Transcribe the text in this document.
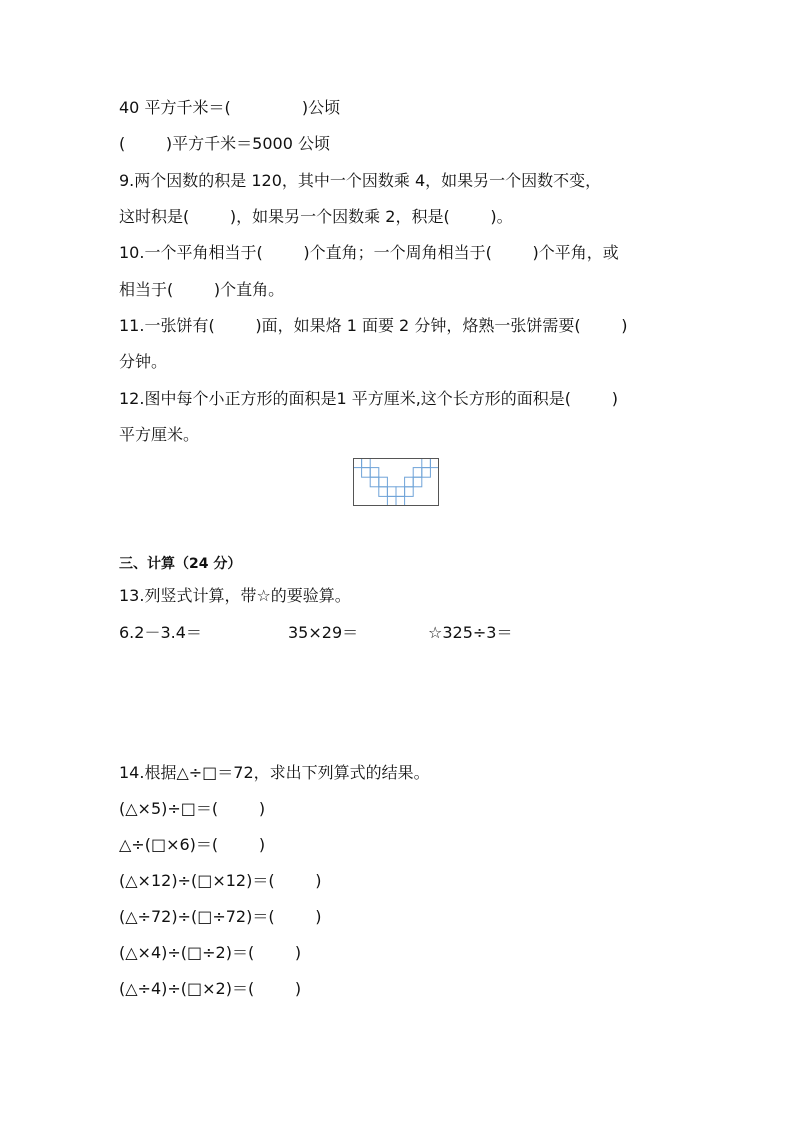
40 平方千米＝(              )公顷
(        )平方千米＝5000 公顷
9.两个因数的积是 120，其中一个因数乘 4，如果另一个因数不变，
这时积是(        )，如果另一个因数乘 2，积是(        )。
10.一个平角相当于(        )个直角；一个周角相当于(        )个平角，或
相当于(        )个直角。
11.一张饼有(        )面，如果烙 1 面要 2 分钟，烙熟一张饼需要(        )
分钟。
12.图中每个小正方形的面积是1 平方厘米,这个长方形的面积是(        )
平方厘米。
三、计算（24 分）
13.列竖式计算，带☆的要验算。
6.2－3.4＝	35×29＝	☆325÷3＝
14.根据△÷□＝72，求出下列算式的结果。
(△×5)÷□＝(        )
△÷(□×6)＝(        )
(△×12)÷(□×12)＝(        )
(△÷72)÷(□÷72)＝(        )
(△×4)÷(□÷2)＝(        )
(△÷4)÷(□×2)＝(        )
